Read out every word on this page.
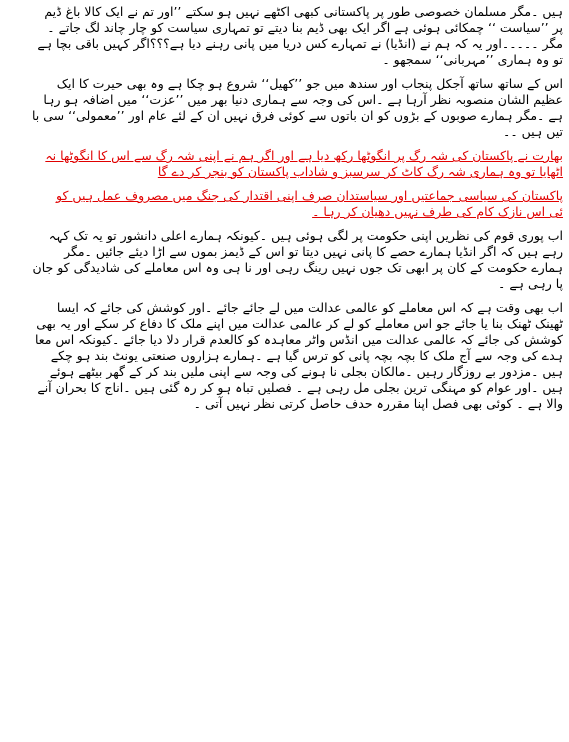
ہیں ۔مگر مسلمان خصوصی طور پر پاکستانی کبھی اکٹھے نہیں ہو سکتے ’’اور تم نے ایک کالا باغ ڈیم
پر ’’سیاست ‘‘ چمکائی ہوئی ہے اگر ایک بھی ڈیم بنا دیتے تو تمہاری سیاست کو چار چاند لگ جاتے ۔
مگر ۔۔۔۔۔اور یہ کہ ہم نے (انڈیا) نے تمہارے کس دریا میں پانی رہنے دیا ہے؟؟؟اگر کہیں باقی بچا ہے
تو وہ ہماری ’’مہربانی‘‘ سمجھو ۔
اس کے ساتھ ساتھ آجکل پنجاب اور سندھ میں جو ’’کھیل‘‘ شروع ہو چکا ہے وہ بھی حیرت کا ایک
عظیم الشان منصوبہ نظر آرہا ہے ۔اس کی وجہ سے ہماری دنیا بھر میں ’’عزت‘‘ میں اضافہ ہو رہا
ہے ۔مگر ہمارے صوبوں کے بڑوں کو ان باتوں سے کوئی فرق نہیں ان کے لئے عام اور ’’معمولی‘‘ سی با
تیں ہیں ۔۔
بھارت نے پاکستان کی شہ رگ پر انگوٹھا رکھ دیا ہے اور اگر ہم نے اپنی شہ رگ سے اس کا انگوٹھا نہ
اٹھایا تو وہ ہماری شہ رگ کاٹ کر سرسبز و شاداب پاکستان کو بنجر کر دے گا
پاکستان کی سیاسی جماعتیں اور سیاستدان صرف اپنی اقتدار کی جنگ میں مصروف عمل ہیں کو
ئی اس نازک کام کی طرف نہیں دھیان کر رہا ۔
اب پوری قوم کی نظریں اپنی حکومت پر لگی ہوئی ہیں ۔کیونکہ ہمارے اعلی دانشور تو یہ تک کہہ
رہے ہیں کہ اگر انڈیا ہمارے حصے کا پانی نہیں دیتا تو اس کے ڈیمز بموں سے اڑا دیئے جائیں ۔مگر
ہمارے حکومت کے کان پر ابھی تک جوں نہیں رینگ رہی اور نا ہی وہ اس معاملے کی شادیدگی کو جان
پا رہی ہے ۔
اب بھی وقت ہے کہ اس معاملے کو عالمی عدالت میں لے جائے جائے ۔اور کوشش کی جائے کہ ایسا
ٹھینک ٹھنک بنا یا جائے جو اس معاملے کو لے کر عالمی عدالت میں اپنے ملک کا دفاع کر سکے اور یہ بھی
کوشش کی جائے کہ عالمی عدالت میں انڈس واٹر معاہدہ کو کالعدم قرار دلا دیا جائے ۔کیونکہ اس معا
ہدے کی وجہ سے آج ملک کا بچہ بچہ پانی کو ترس گیا ہے ۔ہمارے ہزاروں صنعتی یونٹ بند ہو چکے
ہیں ۔مزدور بے روزگار رہیں ۔مالکان بجلی نا ہونے کی وجہ سے اپنی ملیں بند کر کے گھر بیٹھے ہوئے
ہیں ۔اور عوام کو مہنگی ترین بجلی مل رہی ہے ۔ فصلیں تباہ ہو کر رہ گئی ہیں ۔اناج کا بحران آنے
والا ہے ۔ کوئی بھی فصل اپنا مقررہ حدف حاصل کرتی نظر نہیں آتی ۔
